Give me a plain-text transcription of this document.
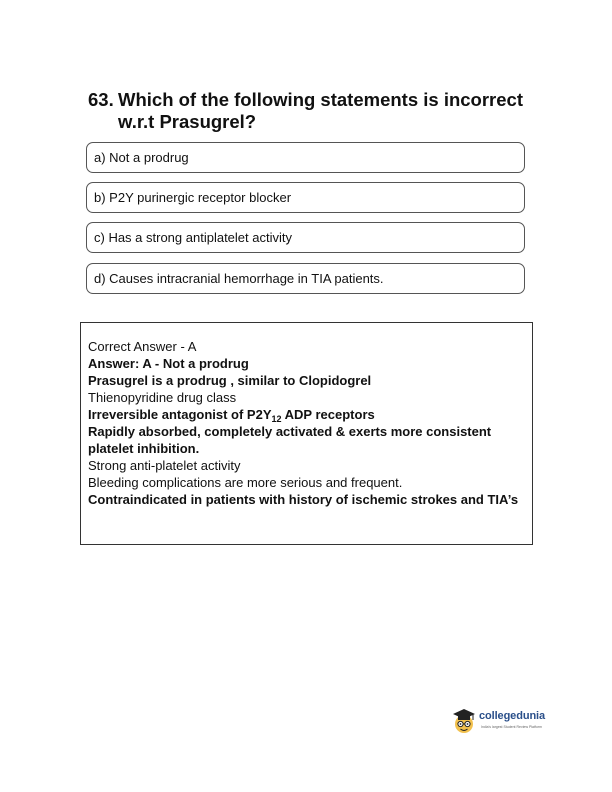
63. Which of the following statements is incorrect w.r.t Prasugrel?
a) Not a prodrug
b) P2Y purinergic receptor blocker
c) Has a strong antiplatelet activity
d) Causes intracranial hemorrhage in TIA patients.
Correct Answer - A
Answer: A - Not a prodrug
Prasugrel is a prodrug , similar to Clopidogrel
Thienopyridine drug class
Irreversible antagonist of $P2Y_{12}$ ADP receptors
Rapidly absorbed, completely activated & exerts more consistent platelet inhibition.
Strong anti-platelet activity
Bleeding complications are more serious and frequent.
Contraindicated in patients with history of ischemic strokes and TIA’s
collegedunia
India's largest Student Review Platform
